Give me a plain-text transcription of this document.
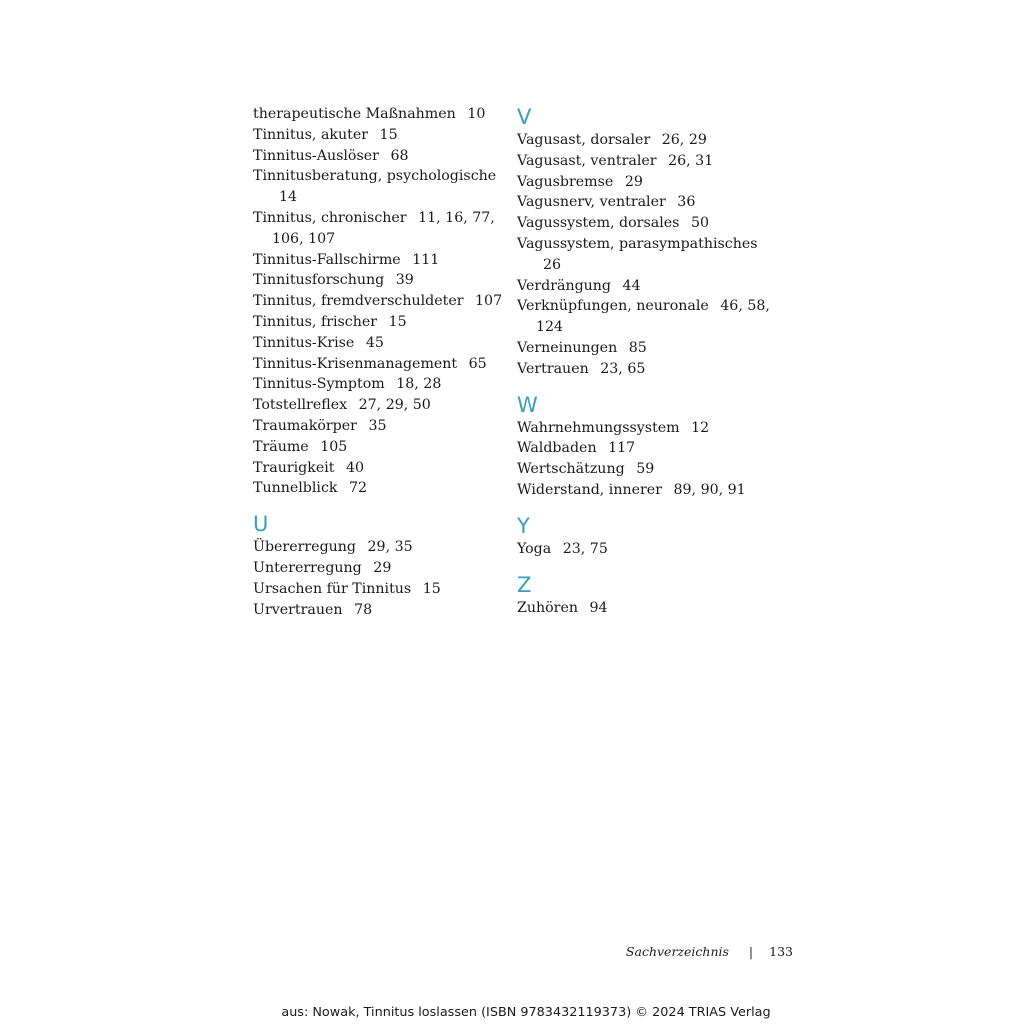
therapeutische Maßnahmen 10
Tinnitus, akuter 15
Tinnitus-Auslöser 68
Tinnitusberatung, psychologische 14
Tinnitus, chronischer 11, 16, 77, 106, 107
Tinnitus-Fallschirme 111
Tinnitusforschung 39
Tinnitus, fremdverschuldeter 107
Tinnitus, frischer 15
Tinnitus-Krise 45
Tinnitus-Krisenmanagement 65
Tinnitus-Symptom 18, 28
Totstellreflex 27, 29, 50
Traumakörper 35
Träume 105
Traurigkeit 40
Tunnelblick 72
U
Übererregung 29, 35
Untererregung 29
Ursachen für Tinnitus 15
Urvertrauen 78
V
Vagusast, dorsaler 26, 29
Vagusast, ventraler 26, 31
Vagusbremse 29
Vagusnerv, ventraler 36
Vagussystem, dorsales 50
Vagussystem, parasympathisches 26
Verdrängung 44
Verknüpfungen, neuronale 46, 58, 124
Verneinungen 85
Vertrauen 23, 65
W
Wahrnehmungssystem 12
Waldbaden 117
Wertschätzung 59
Widerstand, innerer 89, 90, 91
Y
Yoga 23, 75
Z
Zuhören 94
Sachverzeichnis | 133
aus: Nowak, Tinnitus loslassen (ISBN 9783432119373) © 2024 TRIAS Verlag
